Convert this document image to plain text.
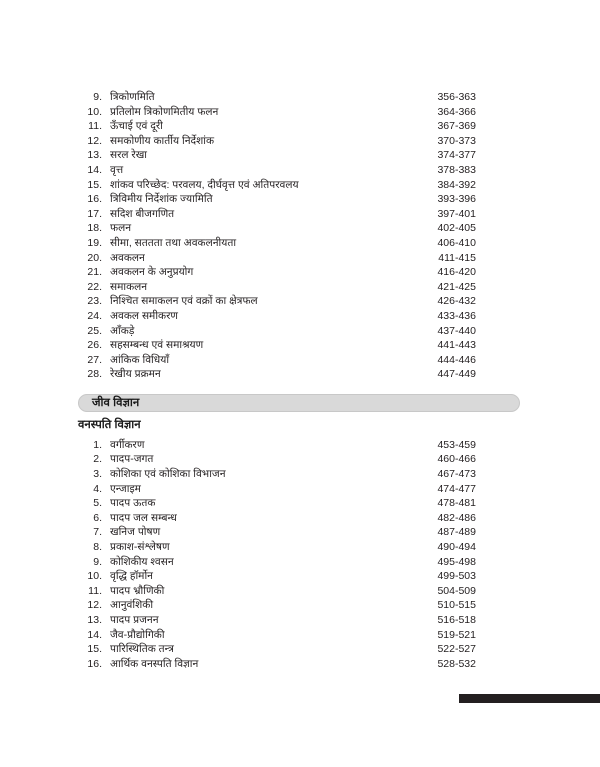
9. त्रिकोणमिति	356-363
10. प्रतिलोम त्रिकोणमितीय फलन	364-366
11. ऊँचाई एवं दूरी	367-369
12. समकोणीय कार्तीय निर्देशांक	370-373
13. सरल रेखा	374-377
14. वृत्त	378-383
15. शांकव परिच्छेद: परवलय, दीर्घवृत्त एवं अतिपरवलय	384-392
16. त्रिविमीय निर्देशांक ज्यामिति	393-396
17. सदिश बीजगणित	397-401
18. फलन	402-405
19. सीमा, सततता तथा अवकलनीयता	406-410
20. अवकलन	411-415
21. अवकलन के अनुप्रयोग	416-420
22. समाकलन	421-425
23. निश्चित समाकलन एवं वक्रों का क्षेत्रफल	426-432
24. अवकल समीकरण	433-436
25. आँकड़े	437-440
26. सहसम्बन्ध एवं समाश्रयण	441-443
27. आंकिक विधियाँ	444-446
28. रेखीय प्रक्रमन	447-449
जीव विज्ञान
वनस्पति विज्ञान
1. वर्गीकरण	453-459
2. पादप-जगत	460-466
3. कोशिका एवं कोशिका विभाजन	467-473
4. एन्जाइम	474-477
5. पादप ऊतक	478-481
6. पादप जल सम्बन्ध	482-486
7. खनिज पोषण	487-489
8. प्रकाश-संश्लेषण	490-494
9. कोशिकीय श्वसन	495-498
10. वृद्धि हॉर्मोन	499-503
11. पादप भ्रौणिकी	504-509
12. आनुवंशिकी	510-515
13. पादप प्रजनन	516-518
14. जैव-प्रौद्योगिकी	519-521
15. पारिस्थितिक तन्त्र	522-527
16. आर्थिक वनस्पति विज्ञान	528-532
